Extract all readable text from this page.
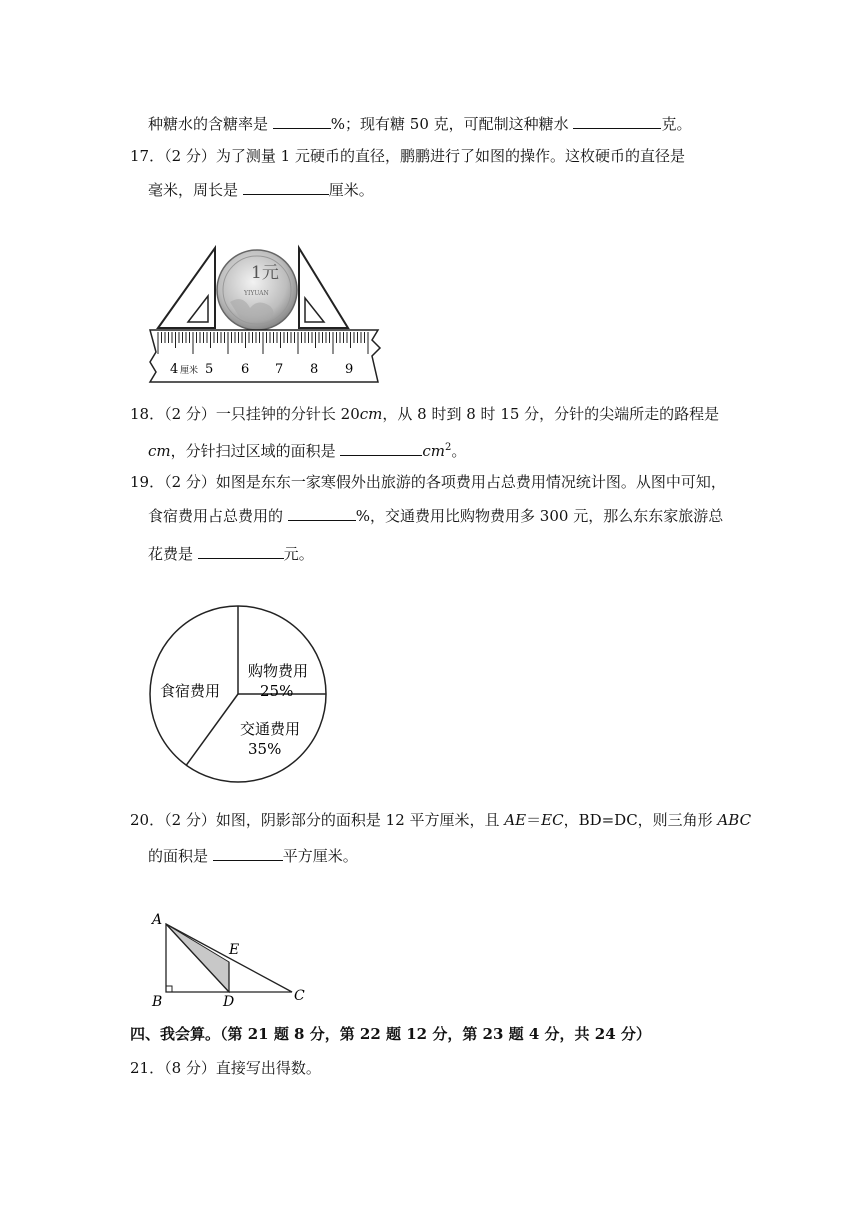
种糖水的含糖率是	%；现有糖 50 克，可配制这种糖水	克。
17．（2 分）为了测量 1 元硬币的直径，鹏鹏进行了如图的操作。这枚硬币的直径是
毫米，周长是	厘米。
1元
YIYUAN
4 厘米 5 6 7 8 9
18．（2 分）一只挂钟的分针长 20cm，从 8 时到 8 时 15 分，分针的尖端所走的路程是
cm，分针扫过区域的面积是	$cm^2$。
19．（2 分）如图是东东一家寒假外出旅游的各项费用占总费用情况统计图。从图中可知，
食宿费用占总费用的	%，交通费用比购物费用多 300 元，那么东东家旅游总
花费是	元。
购物费用
25%
交通费用
35%
食宿费用
20．（2 分）如图，阴影部分的面积是 12 平方厘米，且 AE＝EC，BD=DC，则三角形 ABC
的面积是	平方厘米。
A
B	C
D
E
四、我会算。（第 21 题 8 分，第 22 题 12 分，第 23 题 4 分，共 24 分）
21．（8 分）直接写出得数。
